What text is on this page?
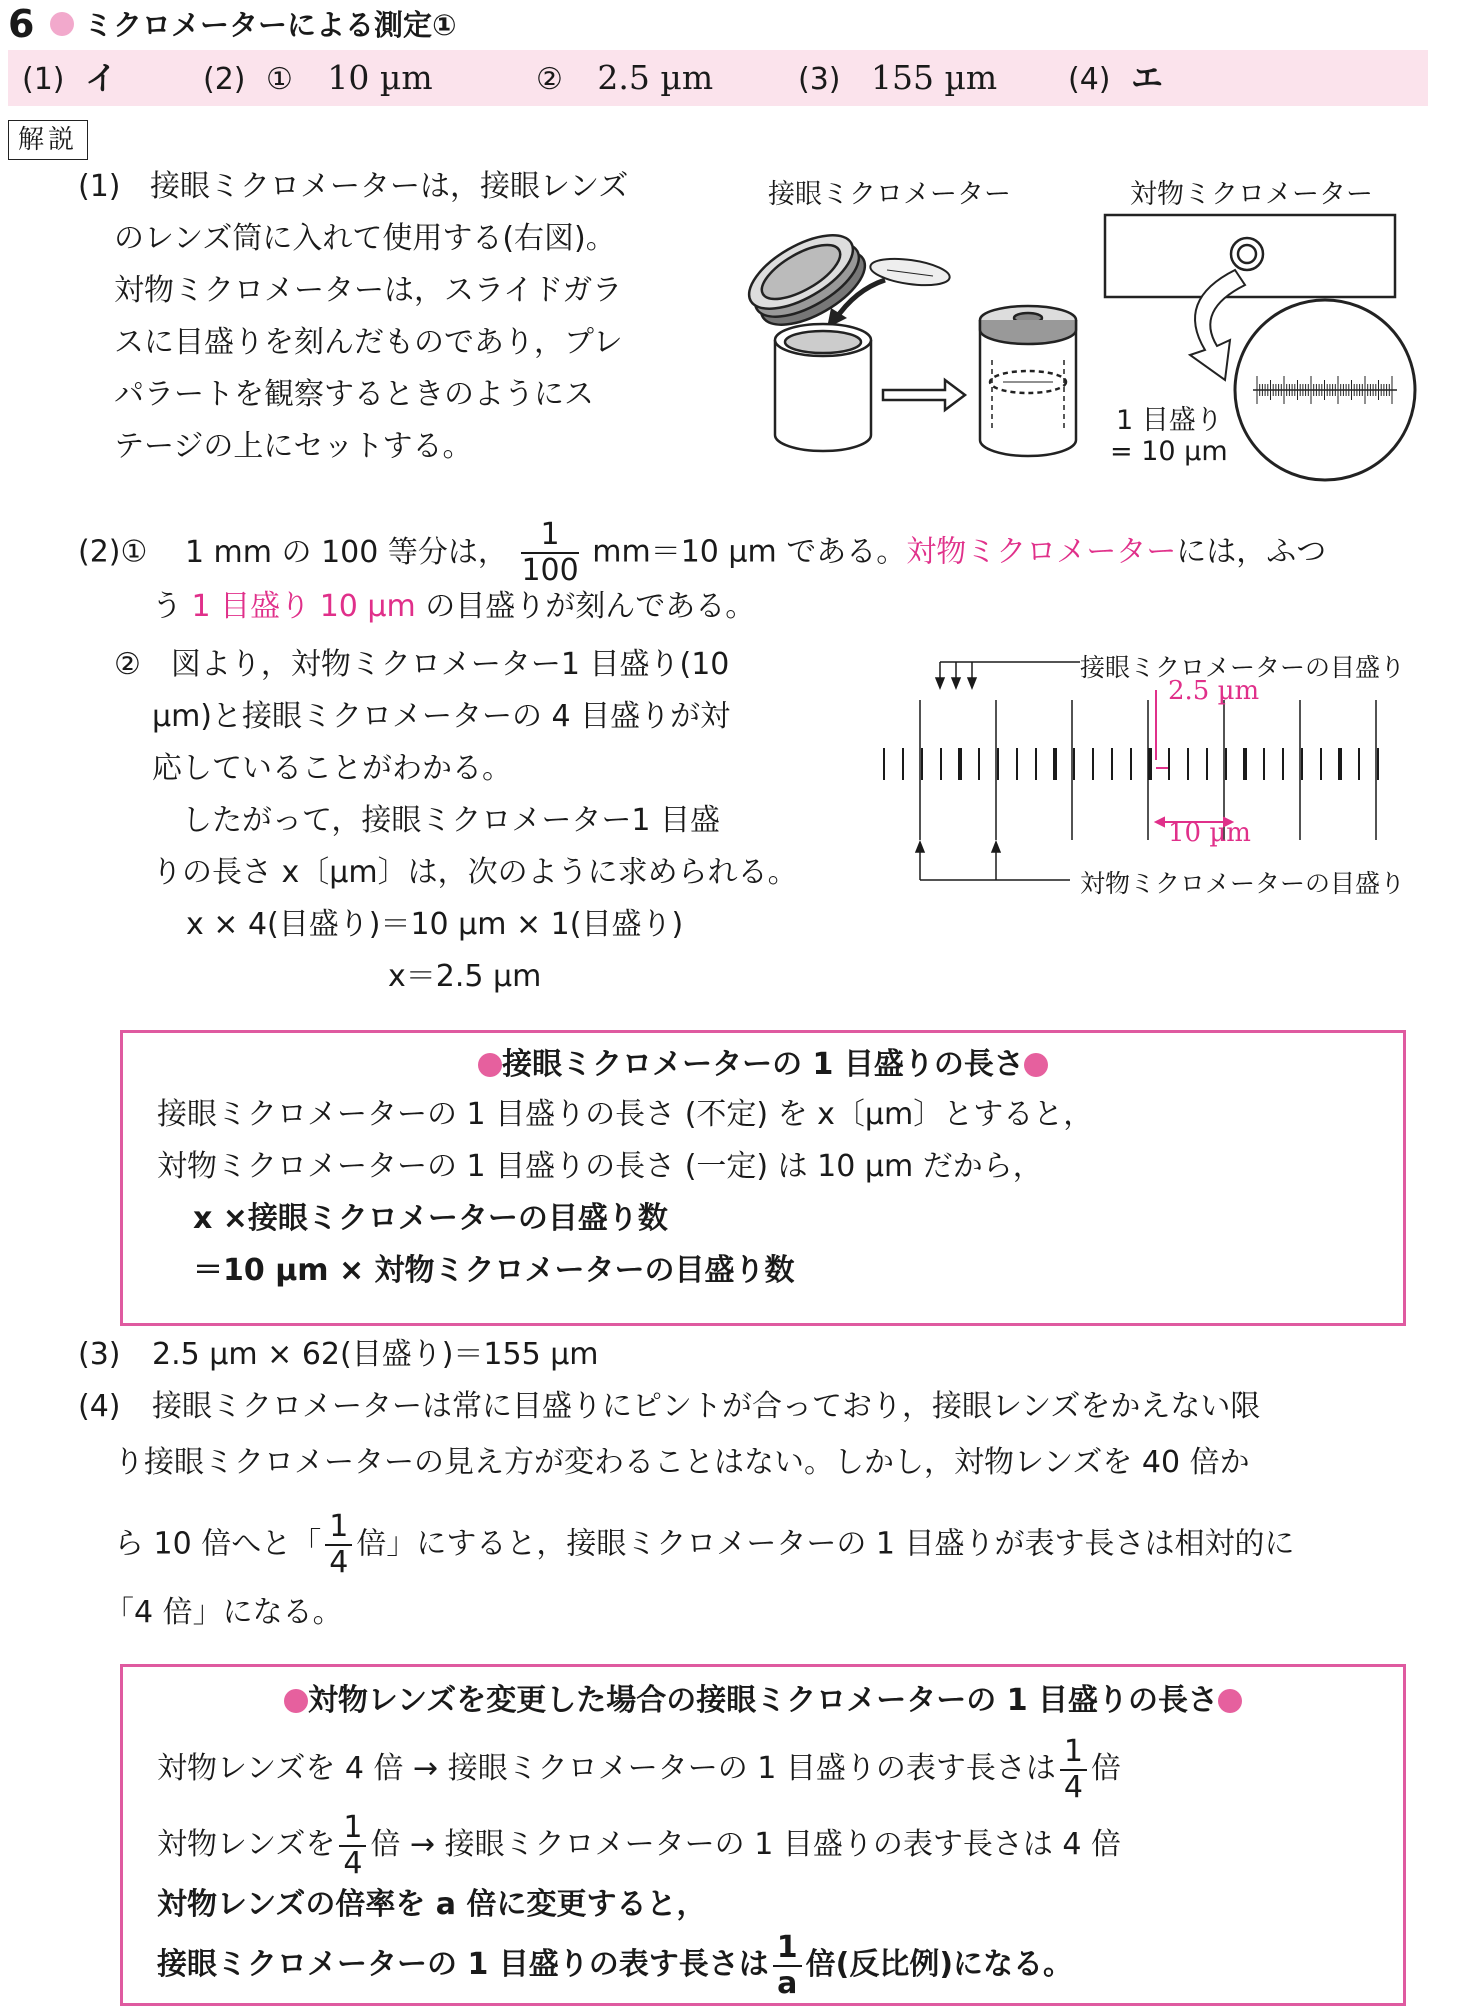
6 ミクロメーターによる測定①
(1) イ	(2) ① 10 µm	② 2.5 µm	(3) 155 µm (4) エ
解説
(1) 接眼ミクロメーターは，接眼レンズ
のレンズ筒に入れて使用する(右図)。
対物ミクロメーターは，スライドガラ
スに目盛りを刻んだものであり，プレ
パラートを観察するときのようにス
テージの上にセットする。
接眼ミクロメーター	対物ミクロメーター
1 目盛り
= 10 µm
(2)① 1 mm の 100 等分は， $\frac{1}{100} mm=10$ µm である。対物ミクロメーターには，ふつ
う 1 目盛り 10 µm の目盛りが刻んである。
②　図より，対物ミクロメーター1 目盛り(10
µm)と接眼ミクロメーターの 4 目盛りが対
応していることがわかる。
　したがって，接眼ミクロメーター1 目盛
りの長さ x〔µm〕は，次のように求められる。
x × 4(目盛り)＝10 µm × 1(目盛り)
x＝2.5 µm
接眼ミクロメーターの目盛り
2.5 µm
10 µm
対物ミクロメーターの目盛り
接眼ミクロメーターの 1 目盛りの長さ
接眼ミクロメーターの 1 目盛りの長さ (不定) を x〔µm〕とすると，
対物ミクロメーターの 1 目盛りの長さ (一定) は 10 µm だから，
x ×接眼ミクロメーターの目盛り数
＝10 µm × 対物ミクロメーターの目盛り数
(3) 2.5 µm × 62(目盛り)＝155 µm
(4) 接眼ミクロメーターは常に目盛りにピントが合っており，接眼レンズをかえない限
り接眼ミクロメーターの見え方が変わることはない。しかし，対物レンズを 40 倍か
ら 10 倍へと「 $\frac{1}{4}$ 倍」にすると，接眼ミクロメーターの 1 目盛りが表す長さは相対的に
「4 倍」になる。
対物レンズを変更した場合の接眼ミクロメーターの 1 目盛りの長さ
対物レンズを 4 倍 → 接眼ミクロメーターの 1 目盛りの表す長さは $\frac{1}{4}$ 倍
対物レンズを $\frac{1}{4}$ 倍 → 接眼ミクロメーターの 1 目盛りの表す長さは 4 倍
対物レンズの倍率を a 倍に変更すると，
接眼ミクロメーターの 1 目盛りの表す長さは $\frac{1}{a}$ 倍(反比例)になる。
